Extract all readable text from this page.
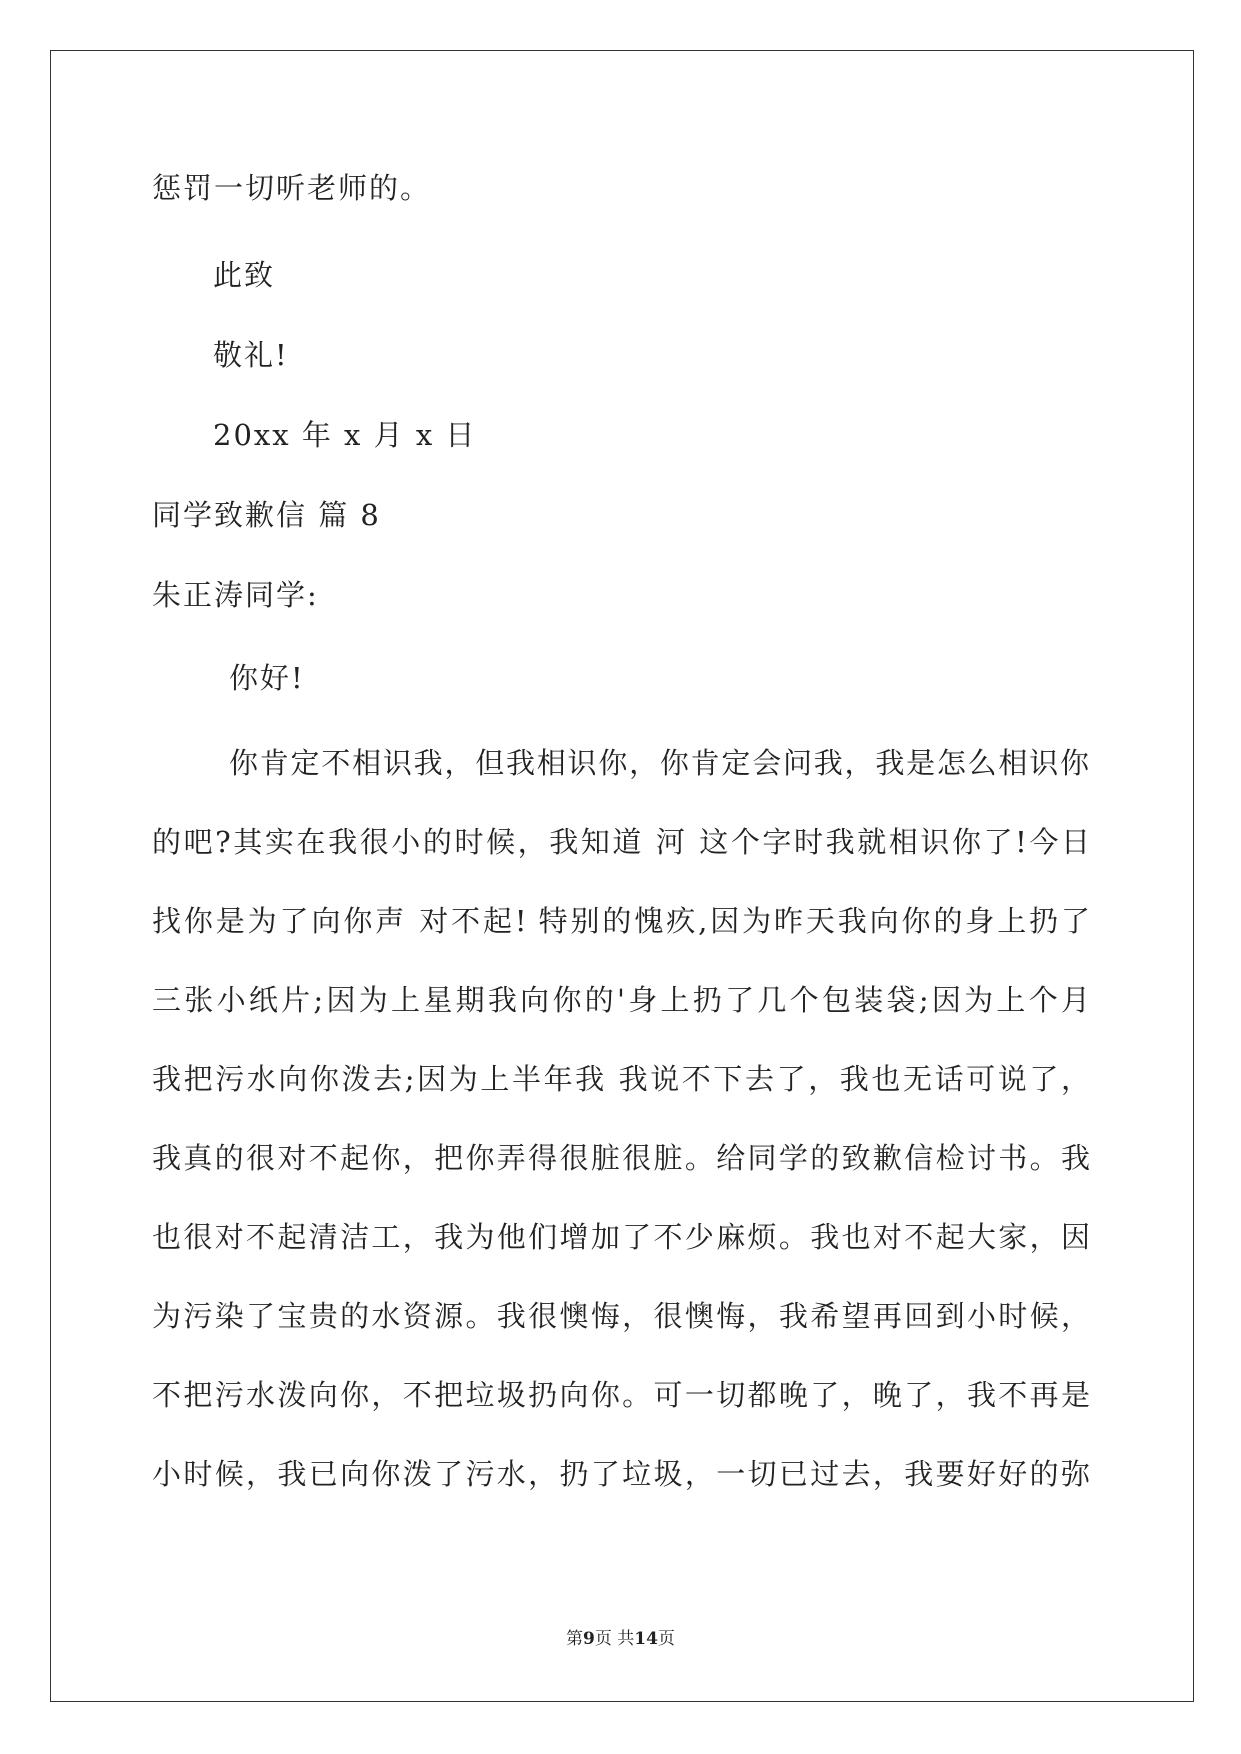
惩罚一切听老师的。
此致
敬礼!
20xx 年 x 月 x 日
同学致歉信 篇 8
朱正涛同学:
你好!
你肯定不相识我，但我相识你，你肯定会问我，我是怎么相识你
的吧?其实在我很小的时候，我知道 河 这个字时我就相识你了!今日
找你是为了向你声 对不起! 特别的愧疚,因为昨天我向你的身上扔了
三张小纸片;因为上星期我向你的'身上扔了几个包装袋;因为上个月
我把污水向你泼去;因为上半年我 我说不下去了，我也无话可说了，
我真的很对不起你，把你弄得很脏很脏。给同学的致歉信检讨书。我
也很对不起清洁工，我为他们增加了不少麻烦。我也对不起大家，因
为污染了宝贵的水资源。我很懊悔，很懊悔，我希望再回到小时候，
不把污水泼向你，不把垃圾扔向你。可一切都晚了，晚了，我不再是
小时候，我已向你泼了污水，扔了垃圾，一切已过去，我要好好的弥
第9页 共14页
